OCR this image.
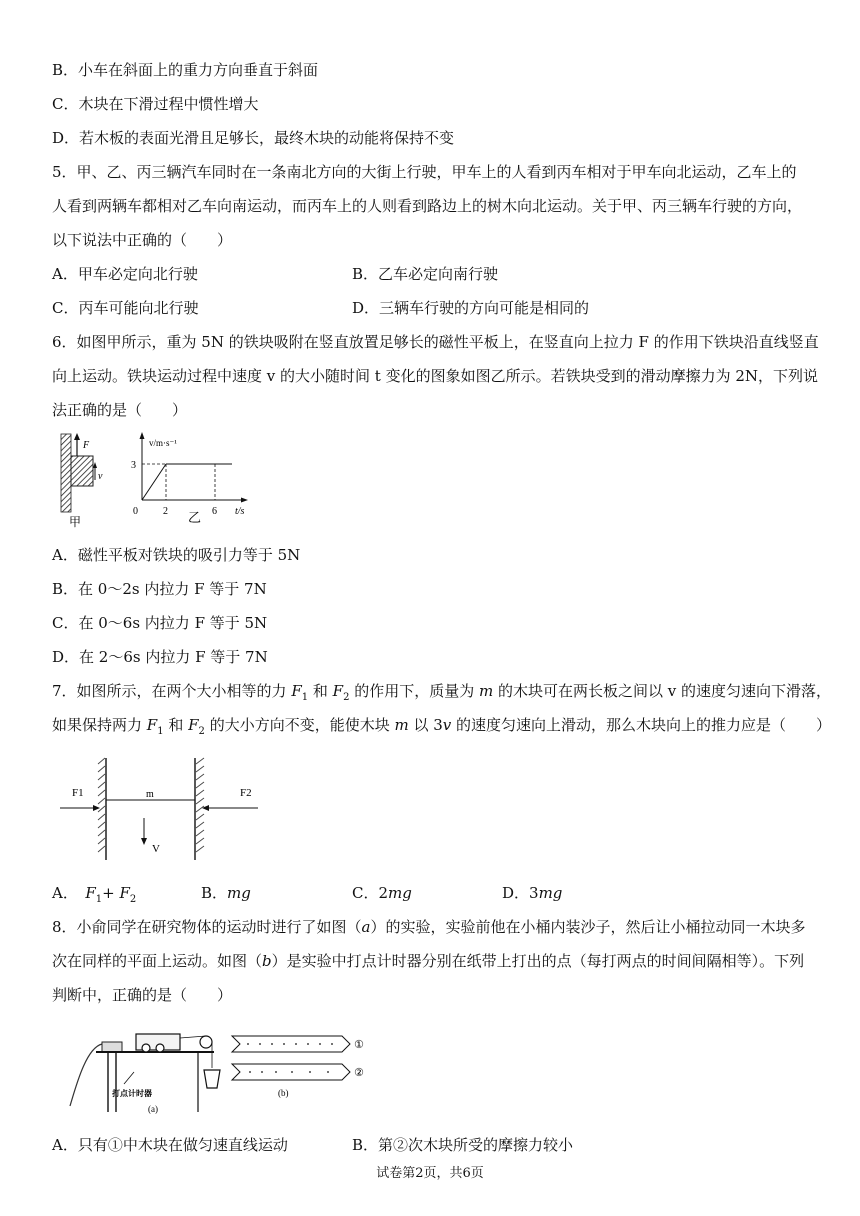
B．小车在斜面上的重力方向垂直于斜面
C．木块在下滑过程中惯性增大
D．若木板的表面光滑且足够长，最终木块的动能将保持不变
5．甲、乙、丙三辆汽车同时在一条南北方向的大街上行驶，甲车上的人看到丙车相对于甲车向北运动，乙车上的
人看到两辆车都相对乙车向南运动，而丙车上的人则看到路边上的树木向北运动。关于甲、丙三辆车行驶的方向，
以下说法中正确的（　　）
A．甲车必定向北行驶	B．乙车必定向南行驶
C．丙车可能向北行驶	D．三辆车行驶的方向可能是相同的
6．如图甲所示，重为 5N 的铁块吸附在竖直放置足够长的磁性平板上，在竖直向上拉力 F 的作用下铁块沿直线竖直
向上运动。铁块运动过程中速度 v 的大小随时间 t 变化的图象如图乙所示。若铁块受到的滑动摩擦力为 2N，下列说
法正确的是（　　）
F
v
甲
v/m·s⁻¹
3
0	2	6 t/s
乙
A．磁性平板对铁块的吸引力等于 5N
B．在 0～2s 内拉力 F 等于 7N
C．在 0～6s 内拉力 F 等于 5N
D．在 2～6s 内拉力 F 等于 7N
7．如图所示，在两个大小相等的力 $F_1$ 和 $F_2$ 的作用下，质量为 m 的木块可在两长板之间以 v 的速度匀速向下滑落，
如果保持两力 $F_1$ 和 $F_2$ 的大小方向不变，能使木块 m 以 3v 的速度匀速向上滑动，那么木块向上的推力应是（　　）
m
F1	F2
V
A．　$F_1+ F_2$	B．mg	C．2mg	D．3mg
8．小俞同学在研究物体的运动时进行了如图（a）的实验，实验前他在小桶内装沙子，然后让小桶拉动同一木块多
次在同样的平面上运动。如图（b）是实验中打点计时器分别在纸带上打出的点（每打两点的时间间隔相等）。下列
判断中，正确的是（　　）
打点计时器
(a)
①
②
(b)
A．只有①中木块在做匀速直线运动	B．第②次木块所受的摩擦力较小
试卷第2页，共6页
